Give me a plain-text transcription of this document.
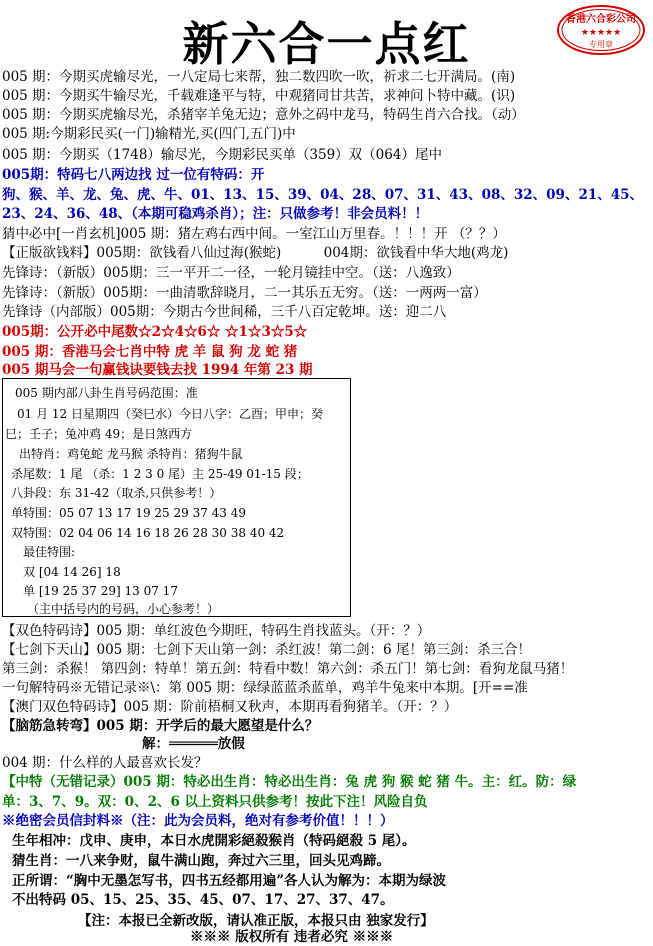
新六合一点红	香港六合彩公司
★★★★★
专用章
005 期：今期买虎输尽光，一八定局七来帮，独二数四吹一吹，祈求二七开满局。(南)
005 期：今期买牛输尽光，千载难逢平与特，中观猪同甘共苦，求神问卜特中藏。(识)
005 期：今期买虎输尽光，杀猪宰羊兔无边；意外之码中龙马，特码生肖六合找。（动）
005 期:今期彩民买(一门)输精光,买(四门,五门)中
005 期：今期买（1748）输尽光，今期彩民买单（359）双（064）尾中
005期：特码七八两边找 过一位有特码：开
狗、猴、羊、龙、兔、虎、牛、01、13、15、39、04、28、07、31、43、08、32、09、21、45、
23、24、36、48、（本期可稳鸡杀肖）；注：只做参考！非会员料！！
猜中必中[一肖玄机]005 期：猪左鸡右西中间。一室江山万里春。！！！开 （？？）
【正版欲钱料】005期：欲钱看八仙过海(猴蛇)	004期：欲钱看中华大地(鸡龙)
先锋诗：（新版）005期：三一平开二一径，一轮月镜挂中空。（送：八逸致）
先锋诗：（新版）005期：一曲清歌辞晓月，二一其乐五无穷。（送：一两两一富）
先锋诗（内部版）005期：今期古今世间稀，三千八百定乾坤。送：迎二八
005期：公开必中尾数☆2☆4☆6☆ ☆1☆3☆5☆
005 期：香港马会七肖中特 虎 羊 鼠 狗 龙 蛇 猪
005 期马会一句赢钱诀要钱去找 1994 年第 23 期
005 期内部八卦生肖号码范围：准
01 月 12 日星期四（癸巳水）今日八字：乙酉；甲申；癸
巳；壬子；兔冲鸡 49；是日煞西方
出特肖：鸡兔蛇 龙马猴 杀特肖：猪狗牛鼠
杀尾数：1 尾 （杀：1 2 3 0 尾）主 25-49 01-15 段；
八卦段：东 31-42（取杀,只供参考！）
单特围：05 07 13 17 19 25 29 37 43 49
双特围：02 04 06 14 16 18 26 28 30 38 40 42
最佳特围:
双 [04 14 26] 18
单 [19 25 37 29] 13 07 17
（主中括号内的号码，小心参考！）
【双色特码诗】005 期：单红波色今期旺，特码生肖找蓝头。（开：？）
【七剑下天山】005 期：七剑下天山第一剑：杀红波！第二剑：6 尾！第三剑：杀三合！
第三剑：杀猴！ 第四剑：特单！第五剑：特看中数！第六剑：杀五门！第七剑：看狗龙鼠马猪！
一句解特码※无错记录※\：第 005 期：绿绿蓝蓝杀蓝单，鸡羊牛兔来中本期。[开==准
【澳门双色特码诗】005 期：阶前梧桐又秋声，本期再看狗猪羊。（开：？）
【脑筋急转弯】005 期：开学后的最大愿望是什么？
解：══════放假
004 期：什么样的人最喜欢长发？
【中特（无错记录）005 期：特必出生肖：特必出生肖：兔 虎 狗 猴 蛇 猪 牛。主：红。防：绿
单：3、7、9。双：0、2、6 以上资料只供参考！按此下注！风险自负
※绝密会员信封料※（注：此为会员料，绝对有参考价值！！！）
生年相冲：戊申、庚申，本日水虎開彩絕殺猴肖（特码絕殺 5 尾）。
猜生肖：一八来争财，鼠牛满山跑，奔过六三里，回头见鸡蹄。
正所谓：“胸中无墨怎写书，四书五经都用遍”各人认为解为：本期为绿波
不出特码 05、15、25、35、45、07、17、27、37、47。
【注：本报已全新改版，请认准正版，本报只由 独家发行】
※※※ 版权所有 违者必究 ※※※
